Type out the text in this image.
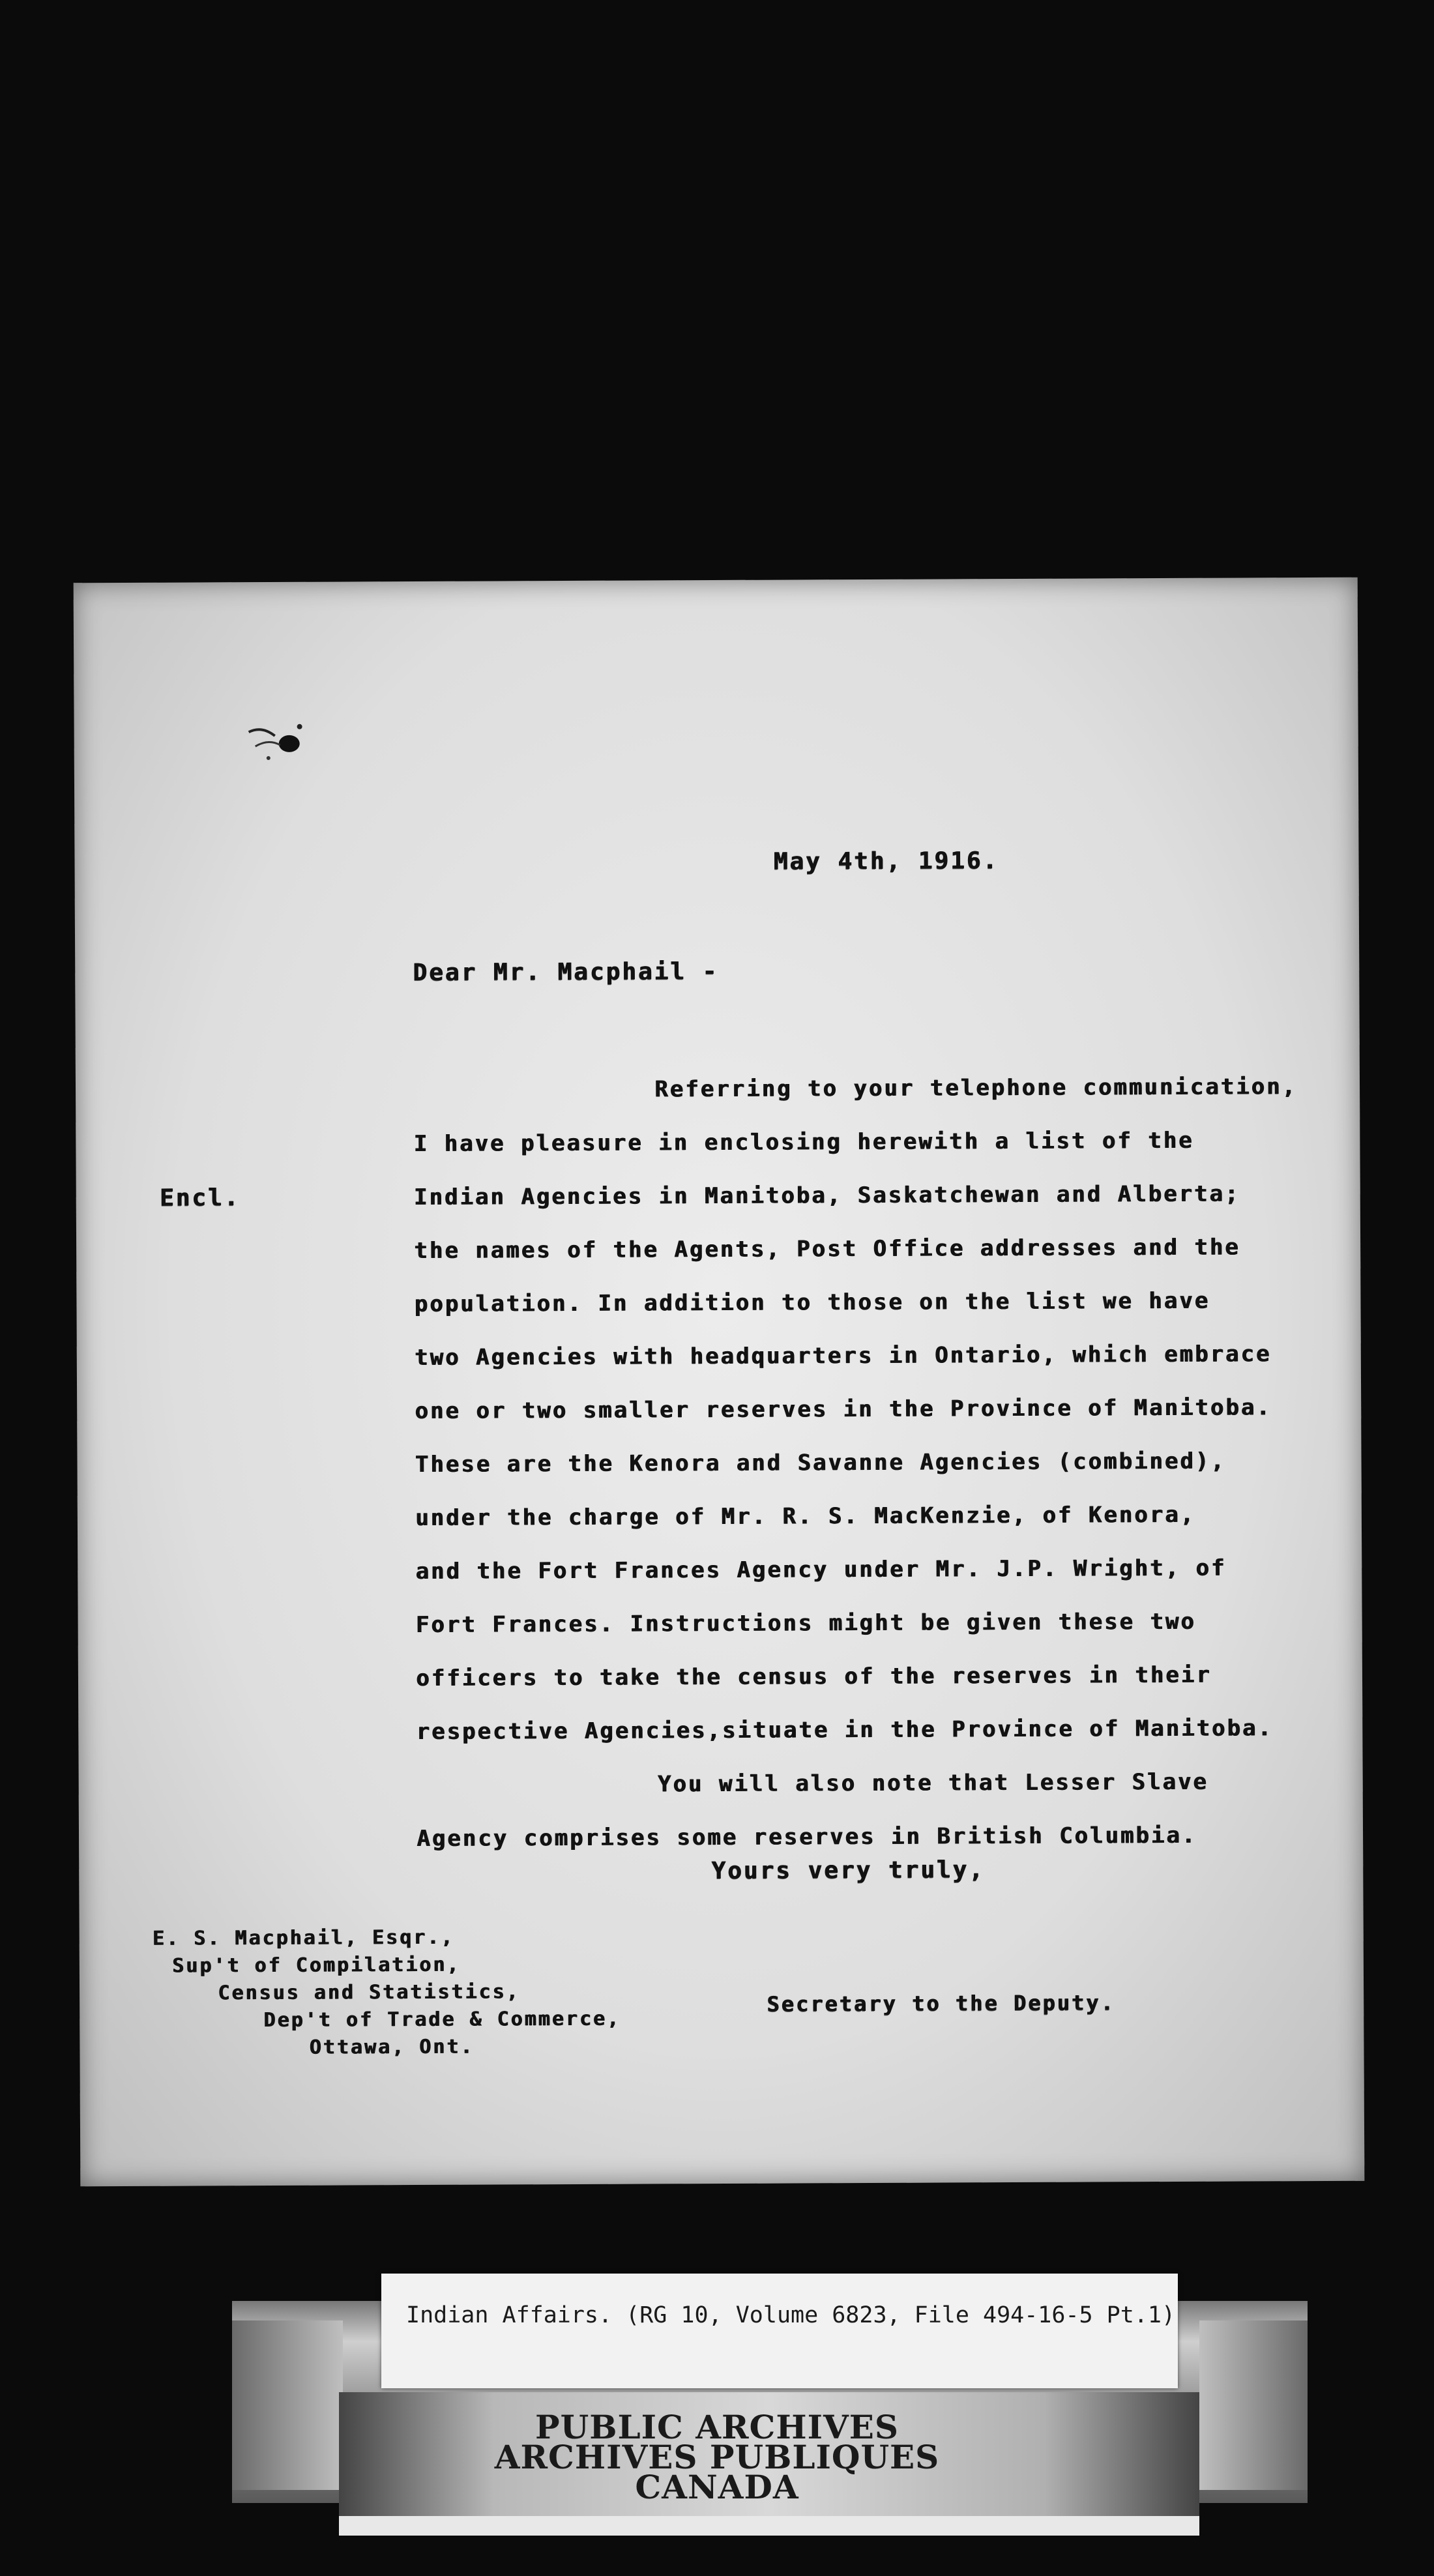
May 4th, 1916.
Dear Mr. Macphail -
Encl.
Referring to your telephone communication,
I have pleasure in enclosing herewith a list of the
Indian Agencies in Manitoba, Saskatchewan and Alberta;
the names of the Agents, Post Office addresses and the
population. In addition to those on the list we have
two Agencies with headquarters in Ontario, which embrace
one or two smaller reserves in the Province of Manitoba.
These are the Kenora and Savanne Agencies (combined),
under the charge of Mr. R. S. MacKenzie, of Kenora,
and the Fort Frances Agency under Mr. J.P. Wright, of
Fort Frances. Instructions might be given these two
officers to take the census of the reserves in their
respective Agencies,situate in the Province of Manitoba.
You will also note that Lesser Slave
Agency comprises some reserves in British Columbia.
Yours very truly,
E. S. Macphail, Esqr.,
Sup't of Compilation,
Census and Statistics,
Dep't of Trade & Commerce,
Ottawa, Ont.
Secretary to the Deputy.
PUBLIC ARCHIVES
ARCHIVES PUBLIQUES
CANADA
Indian Affairs. (RG 10, Volume 6823, File 494-16-5 Pt.1)
